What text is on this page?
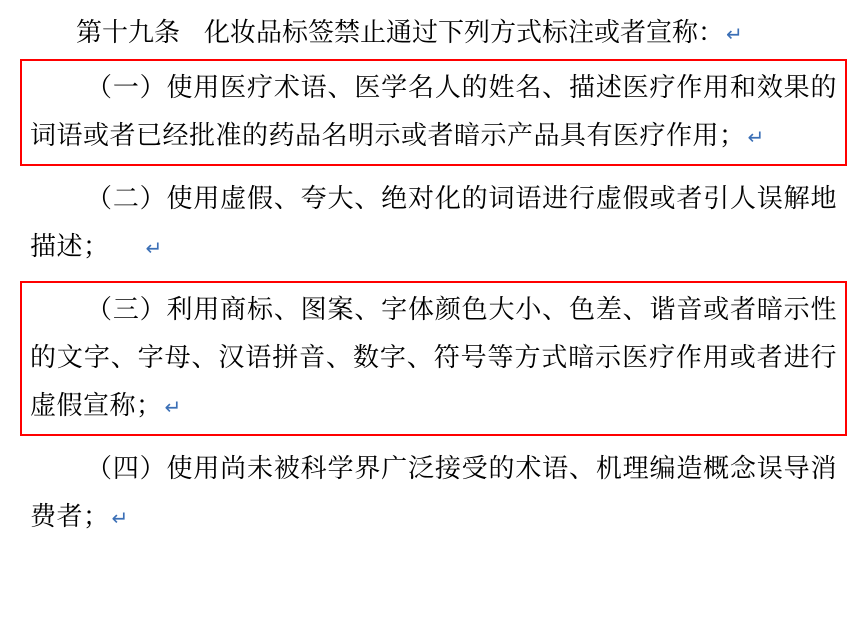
第十九条 化妆品标签禁止通过下列方式标注或者宣称： ↵
（一）使用医疗术语、医学名人的姓名、描述医疗作用和效果的词语或者已经批准的药品名明示或者暗示产品具有医疗作用； ↵
（二）使用虚假、夸大、绝对化的词语进行虚假或者引人误解地描述； ↵
（三）利用商标、图案、字体颜色大小、色差、谐音或者暗示性的文字、字母、汉语拼音、数字、符号等方式暗示医疗作用或者进行虚假宣称； ↵
（四）使用尚未被科学界广泛接受的术语、机理编造概念误导消费者； ↵
